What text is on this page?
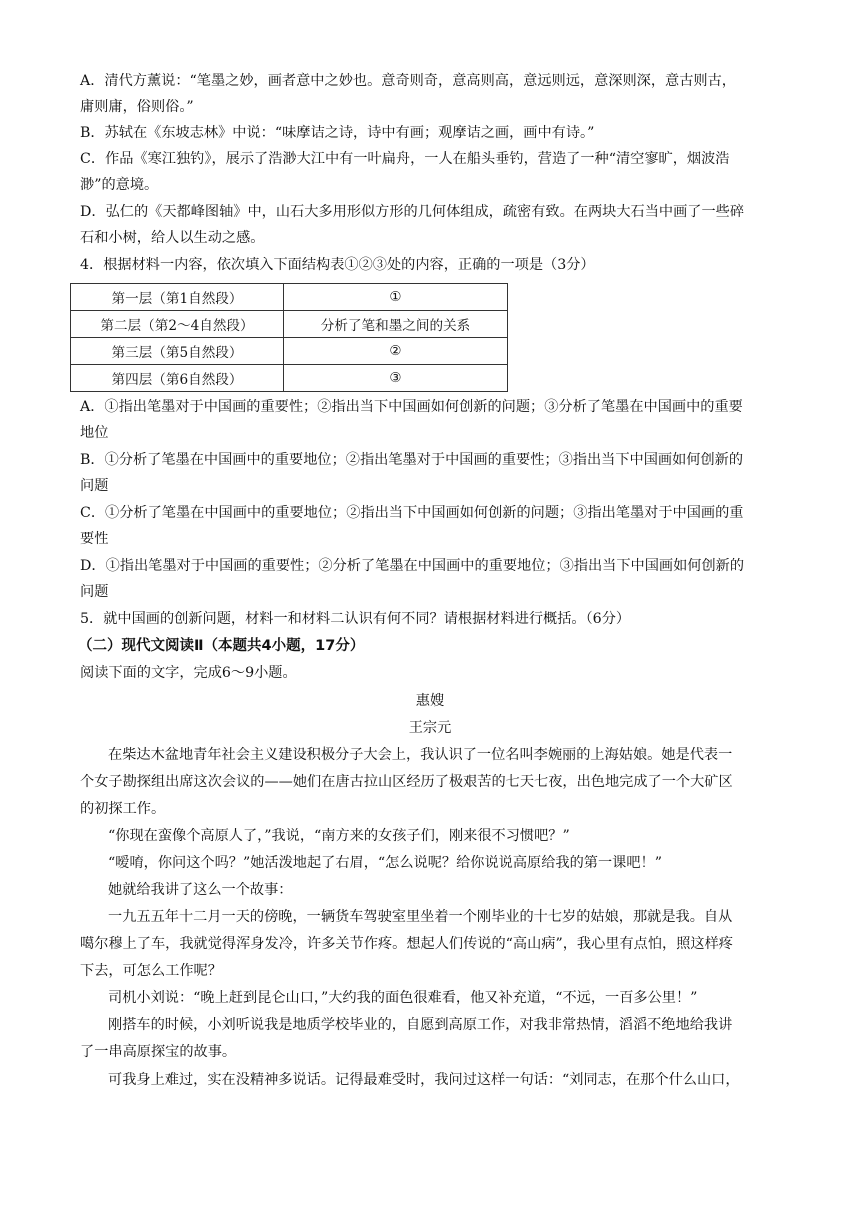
A．清代方薰说：“笔墨之妙，画者意中之妙也。意奇则奇，意高则高，意远则远，意深则深，意古则古，
庸则庸，俗则俗。”
B．苏轼在《东坡志林》中说：“味摩诘之诗，诗中有画；观摩诘之画，画中有诗。”
C．作品《寒江独钓》，展示了浩渺大江中有一叶扁舟，一人在船头垂钓，营造了一种“清空寥旷，烟波浩
渺”的意境。
D．弘仁的《天都峰图轴》中，山石大多用形似方形的几何体组成，疏密有致。在两块大石当中画了一些碎
石和小树，给人以生动之感。
4．根据材料一内容，依次填入下面结构表①②③处的内容，正确的一项是（3分）
第一层（第1自然段）	①
第二层（第2～4自然段）	分析了笔和墨之间的关系
第三层（第5自然段）	②
第四层（第6自然段）	③
A．①指出笔墨对于中国画的重要性；②指出当下中国画如何创新的问题；③分析了笔墨在中国画中的重要
地位
B．①分析了笔墨在中国画中的重要地位；②指出笔墨对于中国画的重要性；③指出当下中国画如何创新的
问题
C．①分析了笔墨在中国画中的重要地位；②指出当下中国画如何创新的问题；③指出笔墨对于中国画的重
要性
D．①指出笔墨对于中国画的重要性；②分析了笔墨在中国画中的重要地位；③指出当下中国画如何创新的
问题
5．就中国画的创新问题，材料一和材料二认识有何不同？请根据材料进行概括。（6分）
（二）现代文阅读Ⅱ（本题共4小题，17分）
阅读下面的文字，完成6～9小题。
惠嫂
王宗元
在柴达木盆地青年社会主义建设积极分子大会上，我认识了一位名叫李婉丽的上海姑娘。她是代表一
个女子勘探组出席这次会议的——她们在唐古拉山区经历了极艰苦的七天七夜，出色地完成了一个大矿区
的初探工作。
“你现在蛮像个高原人了，”我说，“南方来的女孩子们，刚来很不习惯吧？”
“嗳唷，你问这个吗？”她活泼地起了右眉，“怎么说呢？给你说说高原给我的第一课吧！”
她就给我讲了这么一个故事：
一九五五年十二月一天的傍晚，一辆货车驾驶室里坐着一个刚毕业的十七岁的姑娘，那就是我。自从
噶尔穆上了车，我就觉得浑身发冷，许多关节作疼。想起人们传说的“高山病”，我心里有点怕，照这样疼
下去，可怎么工作呢？
司机小刘说：“晚上赶到昆仑山口，”大约我的面色很难看，他又补充道，“不远，一百多公里！”
刚搭车的时候，小刘听说我是地质学校毕业的，自愿到高原工作，对我非常热情，滔滔不绝地给我讲
了一串高原探宝的故事。
可我身上难过，实在没精神多说话。记得最难受时，我问过这样一句话：“刘同志，在那个什么山口，
